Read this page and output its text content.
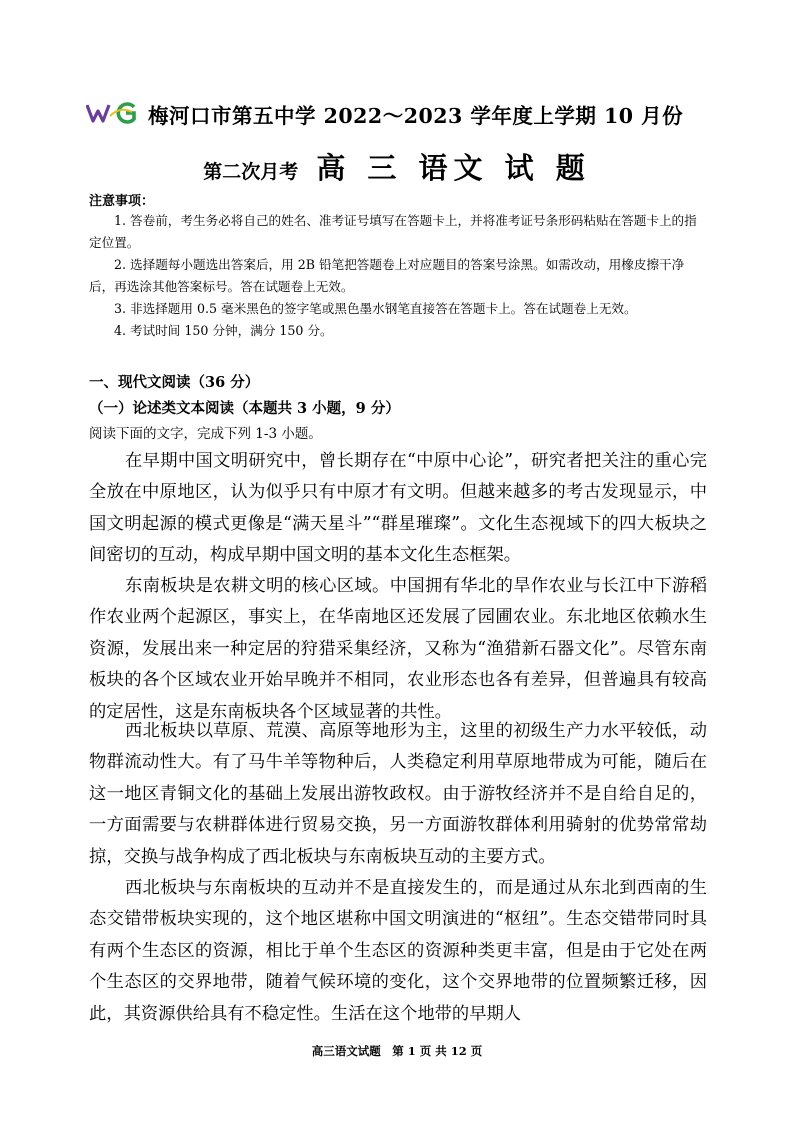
梅河口市第五中学 2022～2023 学年度上学期 10 月份
第二次月考 高 三 语文 试 题
注意事项：
1. 答卷前，考生务必将自己的姓名、准考证号填写在答题卡上，并将准考证号条形码粘贴在答题卡上的指定位置。
2. 选择题每小题选出答案后，用 2B 铅笔把答题卷上对应题目的答案号涂黑。如需改动，用橡皮擦干净后，再选涂其他答案标号。答在试题卷上无效。
3. 非选择题用 0.5 毫米黑色的签字笔或黑色墨水钢笔直接答在答题卡上。答在试题卷上无效。
4. 考试时间 150 分钟，满分 150 分。
一、现代文阅读（36 分）
（一）论述类文本阅读（本题共 3 小题，9 分）
阅读下面的文字，完成下列 1-3 小题。
在早期中国文明研究中，曾长期存在“中原中心论”，研究者把关注的重心完全放在中原地区，认为似乎只有中原才有文明。但越来越多的考古发现显示，中国文明起源的模式更像是“满天星斗”“群星璀璨”。文化生态视域下的四大板块之间密切的互动，构成早期中国文明的基本文化生态框架。
东南板块是农耕文明的核心区域。中国拥有华北的旱作农业与长江中下游稻作农业两个起源区，事实上，在华南地区还发展了园圃农业。东北地区依赖水生资源，发展出来一种定居的狩猎采集经济，又称为“渔猎新石器文化”。尽管东南板块的各个区域农业开始早晚并不相同，农业形态也各有差异，但普遍具有较高的定居性，这是东南板块各个区域显著的共性。
西北板块以草原、荒漠、高原等地形为主，这里的初级生产力水平较低，动物群流动性大。有了马牛羊等物种后，人类稳定利用草原地带成为可能，随后在这一地区青铜文化的基础上发展出游牧政权。由于游牧经济并不是自给自足的，一方面需要与农耕群体进行贸易交换，另一方面游牧群体利用骑射的优势常常劫掠，交换与战争构成了西北板块与东南板块互动的主要方式。
西北板块与东南板块的互动并不是直接发生的，而是通过从东北到西南的生态交错带板块实现的，这个地区堪称中国文明演进的“枢纽”。生态交错带同时具有两个生态区的资源，相比于单个生态区的资源种类更丰富，但是由于它处在两个生态区的交界地带，随着气候环境的变化，这个交界地带的位置频繁迁移，因此，其资源供给具有不稳定性。生活在这个地带的早期人
高三语文试题　第 1 页 共 12 页
